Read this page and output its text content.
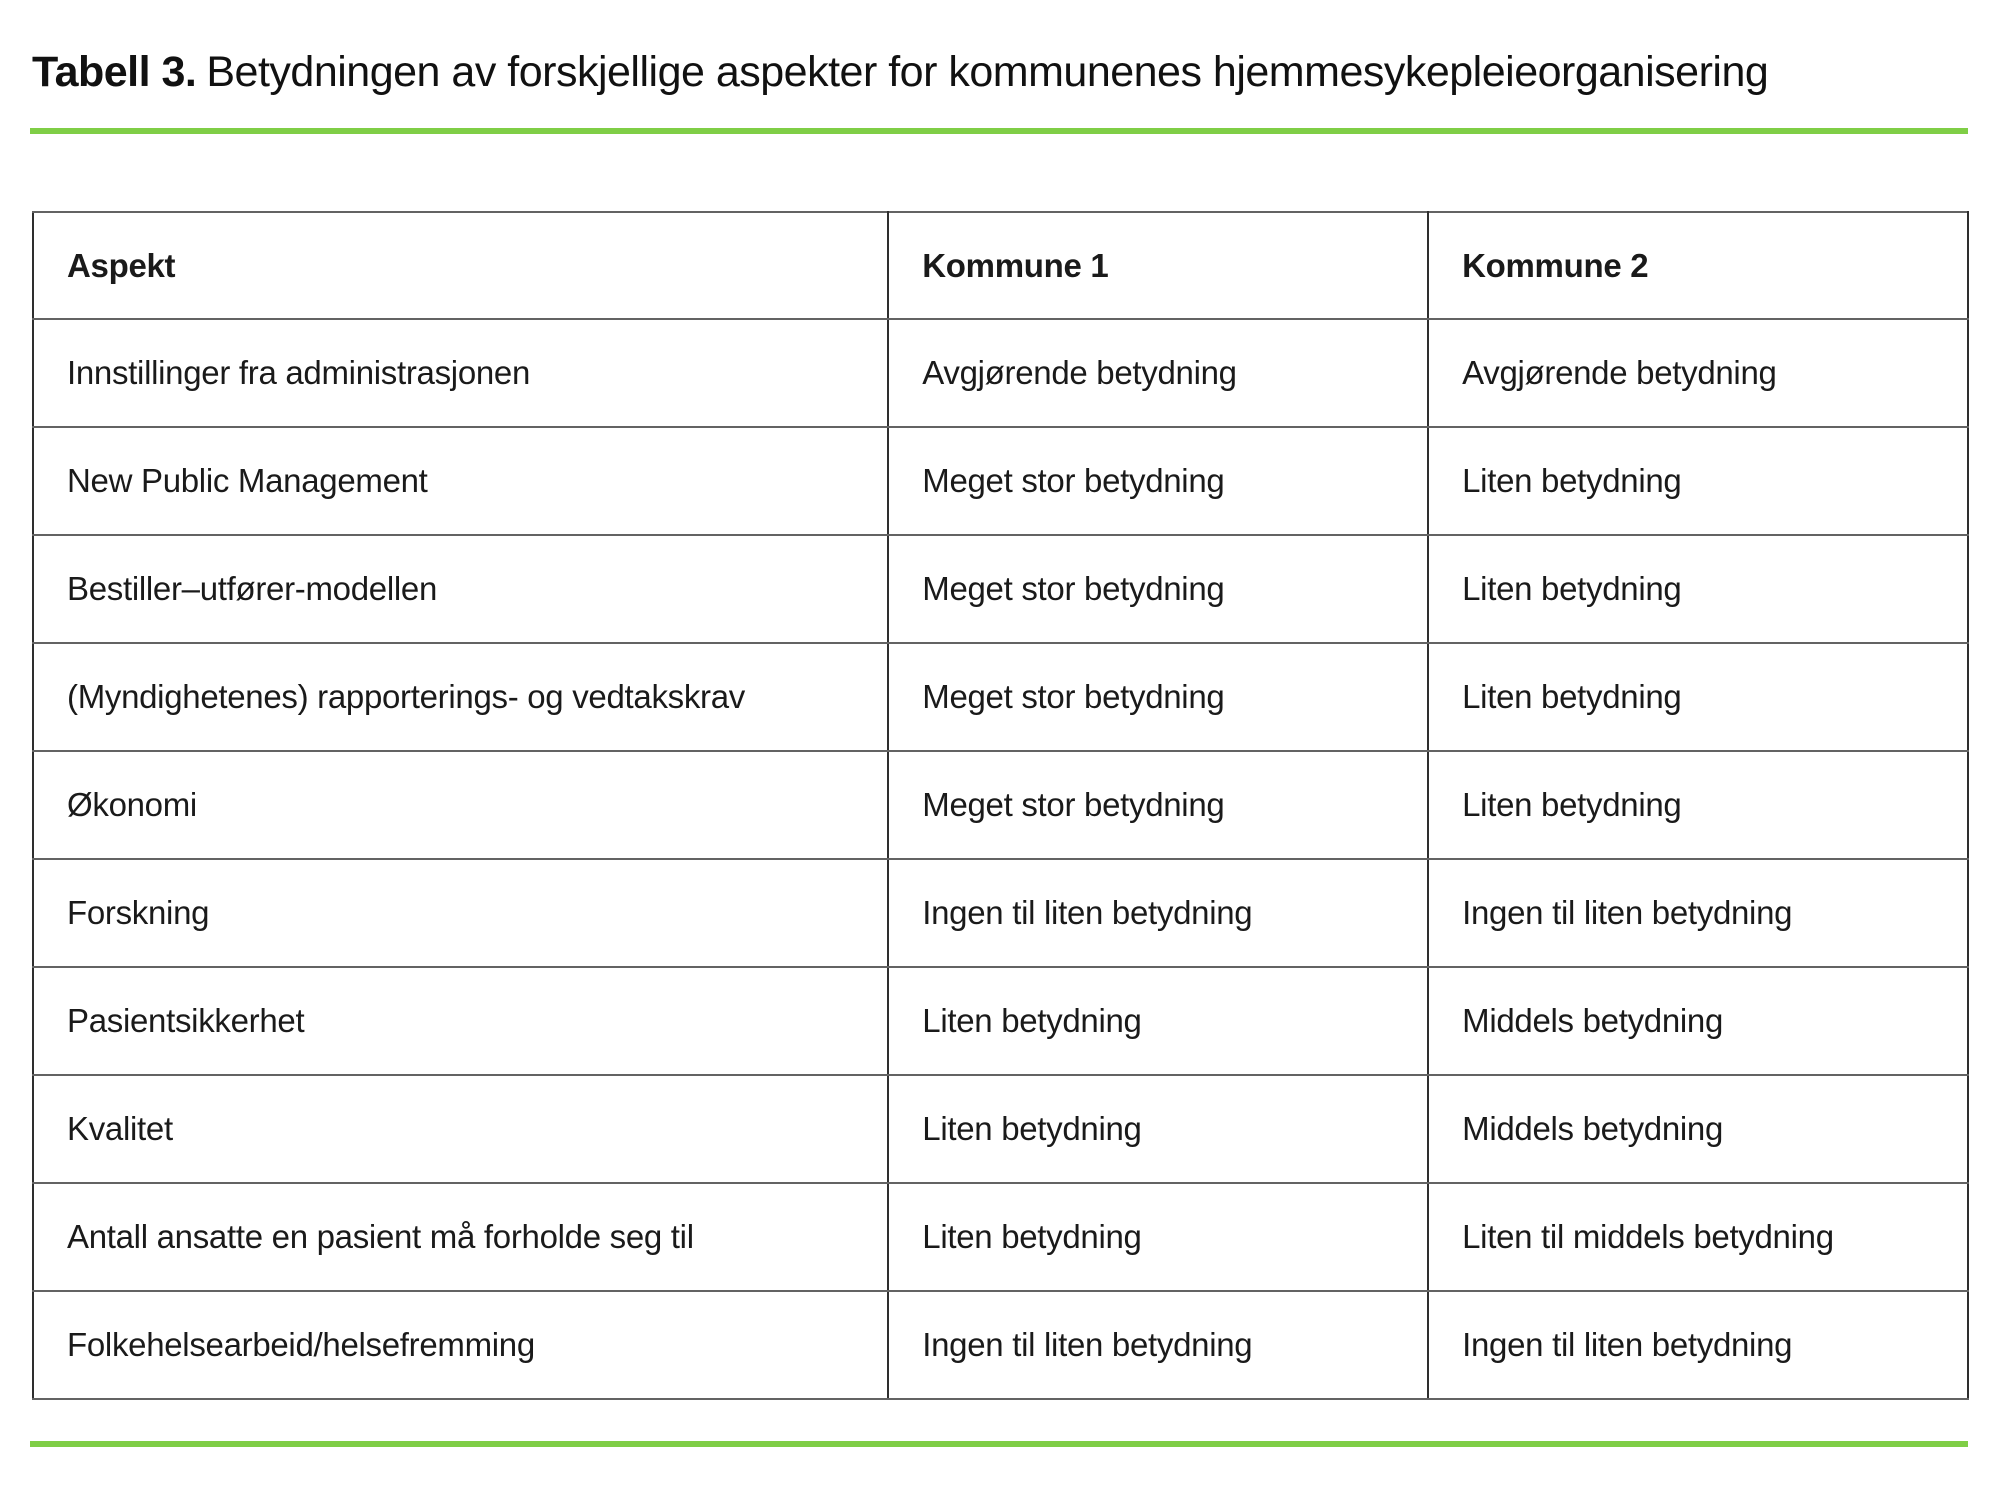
Tabell 3. Betydningen av forskjellige aspekter for kommunenes hjemmesykepleieorganisering
Aspekt	Kommune 1	Kommune 2
Innstillinger fra administrasjonen	Avgjørende betydning	Avgjørende betydning
New Public Management	Meget stor betydning	Liten betydning
Bestiller–utfører-modellen	Meget stor betydning	Liten betydning
(Myndighetenes) rapporterings- og vedtakskrav	Meget stor betydning	Liten betydning
Økonomi	Meget stor betydning	Liten betydning
Forskning	Ingen til liten betydning	Ingen til liten betydning
Pasientsikkerhet	Liten betydning	Middels betydning
Kvalitet	Liten betydning	Middels betydning
Antall ansatte en pasient må forholde seg til	Liten betydning	Liten til middels betydning
Folkehelsearbeid/helsefremming	Ingen til liten betydning	Ingen til liten betydning
